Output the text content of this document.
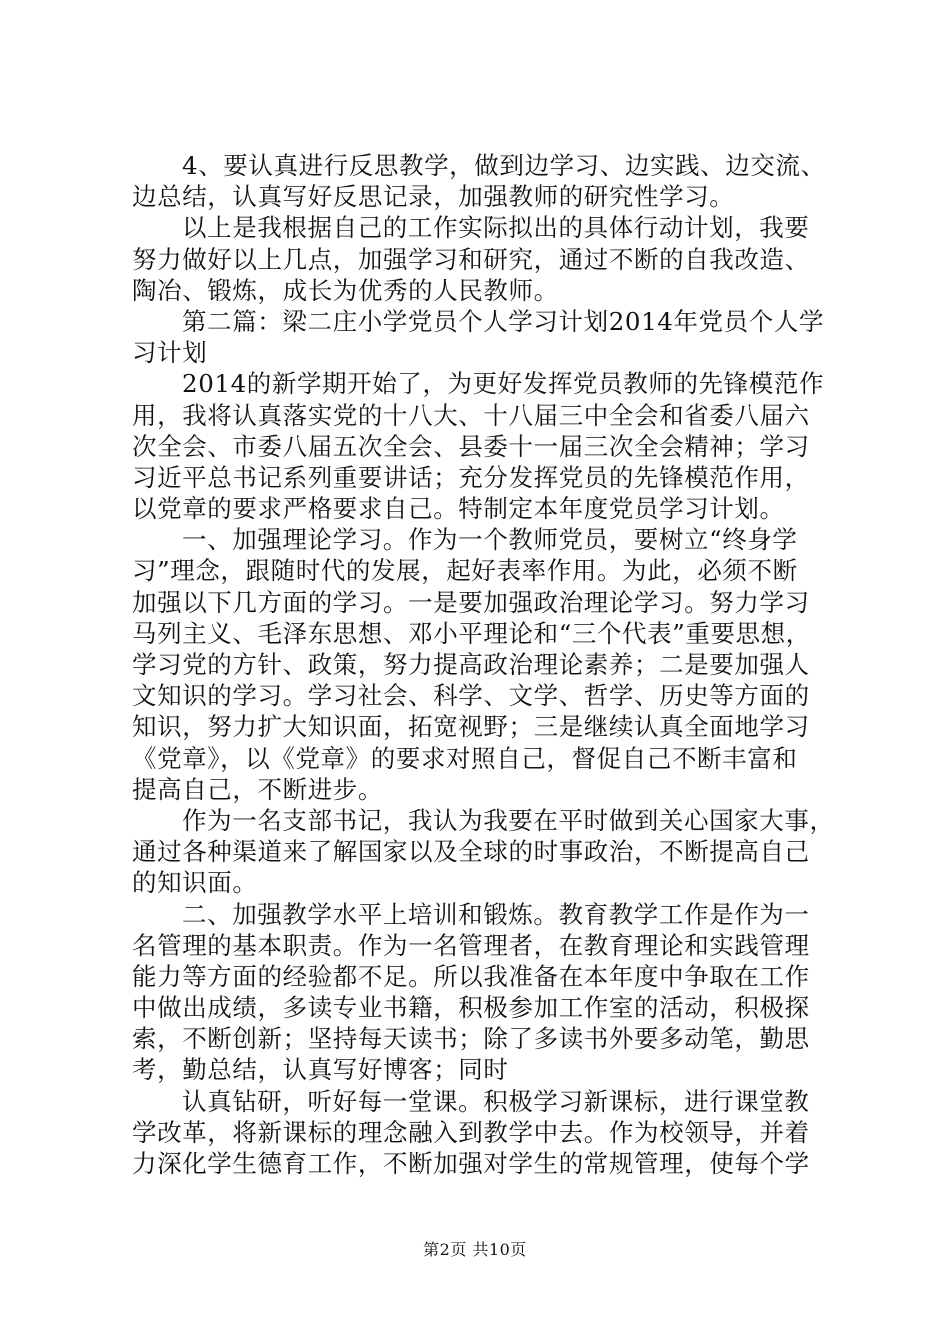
4、要认真进行反思教学，做到边学习、边实践、边交流、
边总结，认真写好反思记录，加强教师的研究性学习。
以上是我根据自己的工作实际拟出的具体行动计划，我要
努力做好以上几点，加强学习和研究，通过不断的自我改造、
陶冶、锻炼，成长为优秀的人民教师。
第二篇：梁二庄小学党员个人学习计划2014年党员个人学
习计划
2014的新学期开始了，为更好发挥党员教师的先锋模范作
用，我将认真落实党的十八大、十八届三中全会和省委八届六
次全会、市委八届五次全会、县委十一届三次全会精神；学习
习近平总书记系列重要讲话；充分发挥党员的先锋模范作用，
以党章的要求严格要求自己。特制定本年度党员学习计划。
一、加强理论学习。作为一个教师党员，要树立“终身学
习”理念，跟随时代的发展，起好表率作用。为此，必须不断
加强以下几方面的学习。一是要加强政治理论学习。努力学习
马列主义、毛泽东思想、邓小平理论和“三个代表”重要思想，
学习党的方针、政策，努力提高政治理论素养；二是要加强人
文知识的学习。学习社会、科学、文学、哲学、历史等方面的
知识，努力扩大知识面，拓宽视野；三是继续认真全面地学习
《党章》，以《党章》的要求对照自己，督促自己不断丰富和
提高自己，不断进步。
作为一名支部书记，我认为我要在平时做到关心国家大事，
通过各种渠道来了解国家以及全球的时事政治，不断提高自己
的知识面。
二、加强教学水平上培训和锻炼。教育教学工作是作为一
名管理的基本职责。作为一名管理者，在教育理论和实践管理
能力等方面的经验都不足。所以我准备在本年度中争取在工作
中做出成绩，多读专业书籍，积极参加工作室的活动，积极探
索，不断创新；坚持每天读书；除了多读书外要多动笔，勤思
考，勤总结，认真写好博客；同时
认真钻研，听好每一堂课。积极学习新课标，进行课堂教
学改革，将新课标的理念融入到教学中去。作为校领导，并着
力深化学生德育工作，不断加强对学生的常规管理，使每个学
第2页 共10页
